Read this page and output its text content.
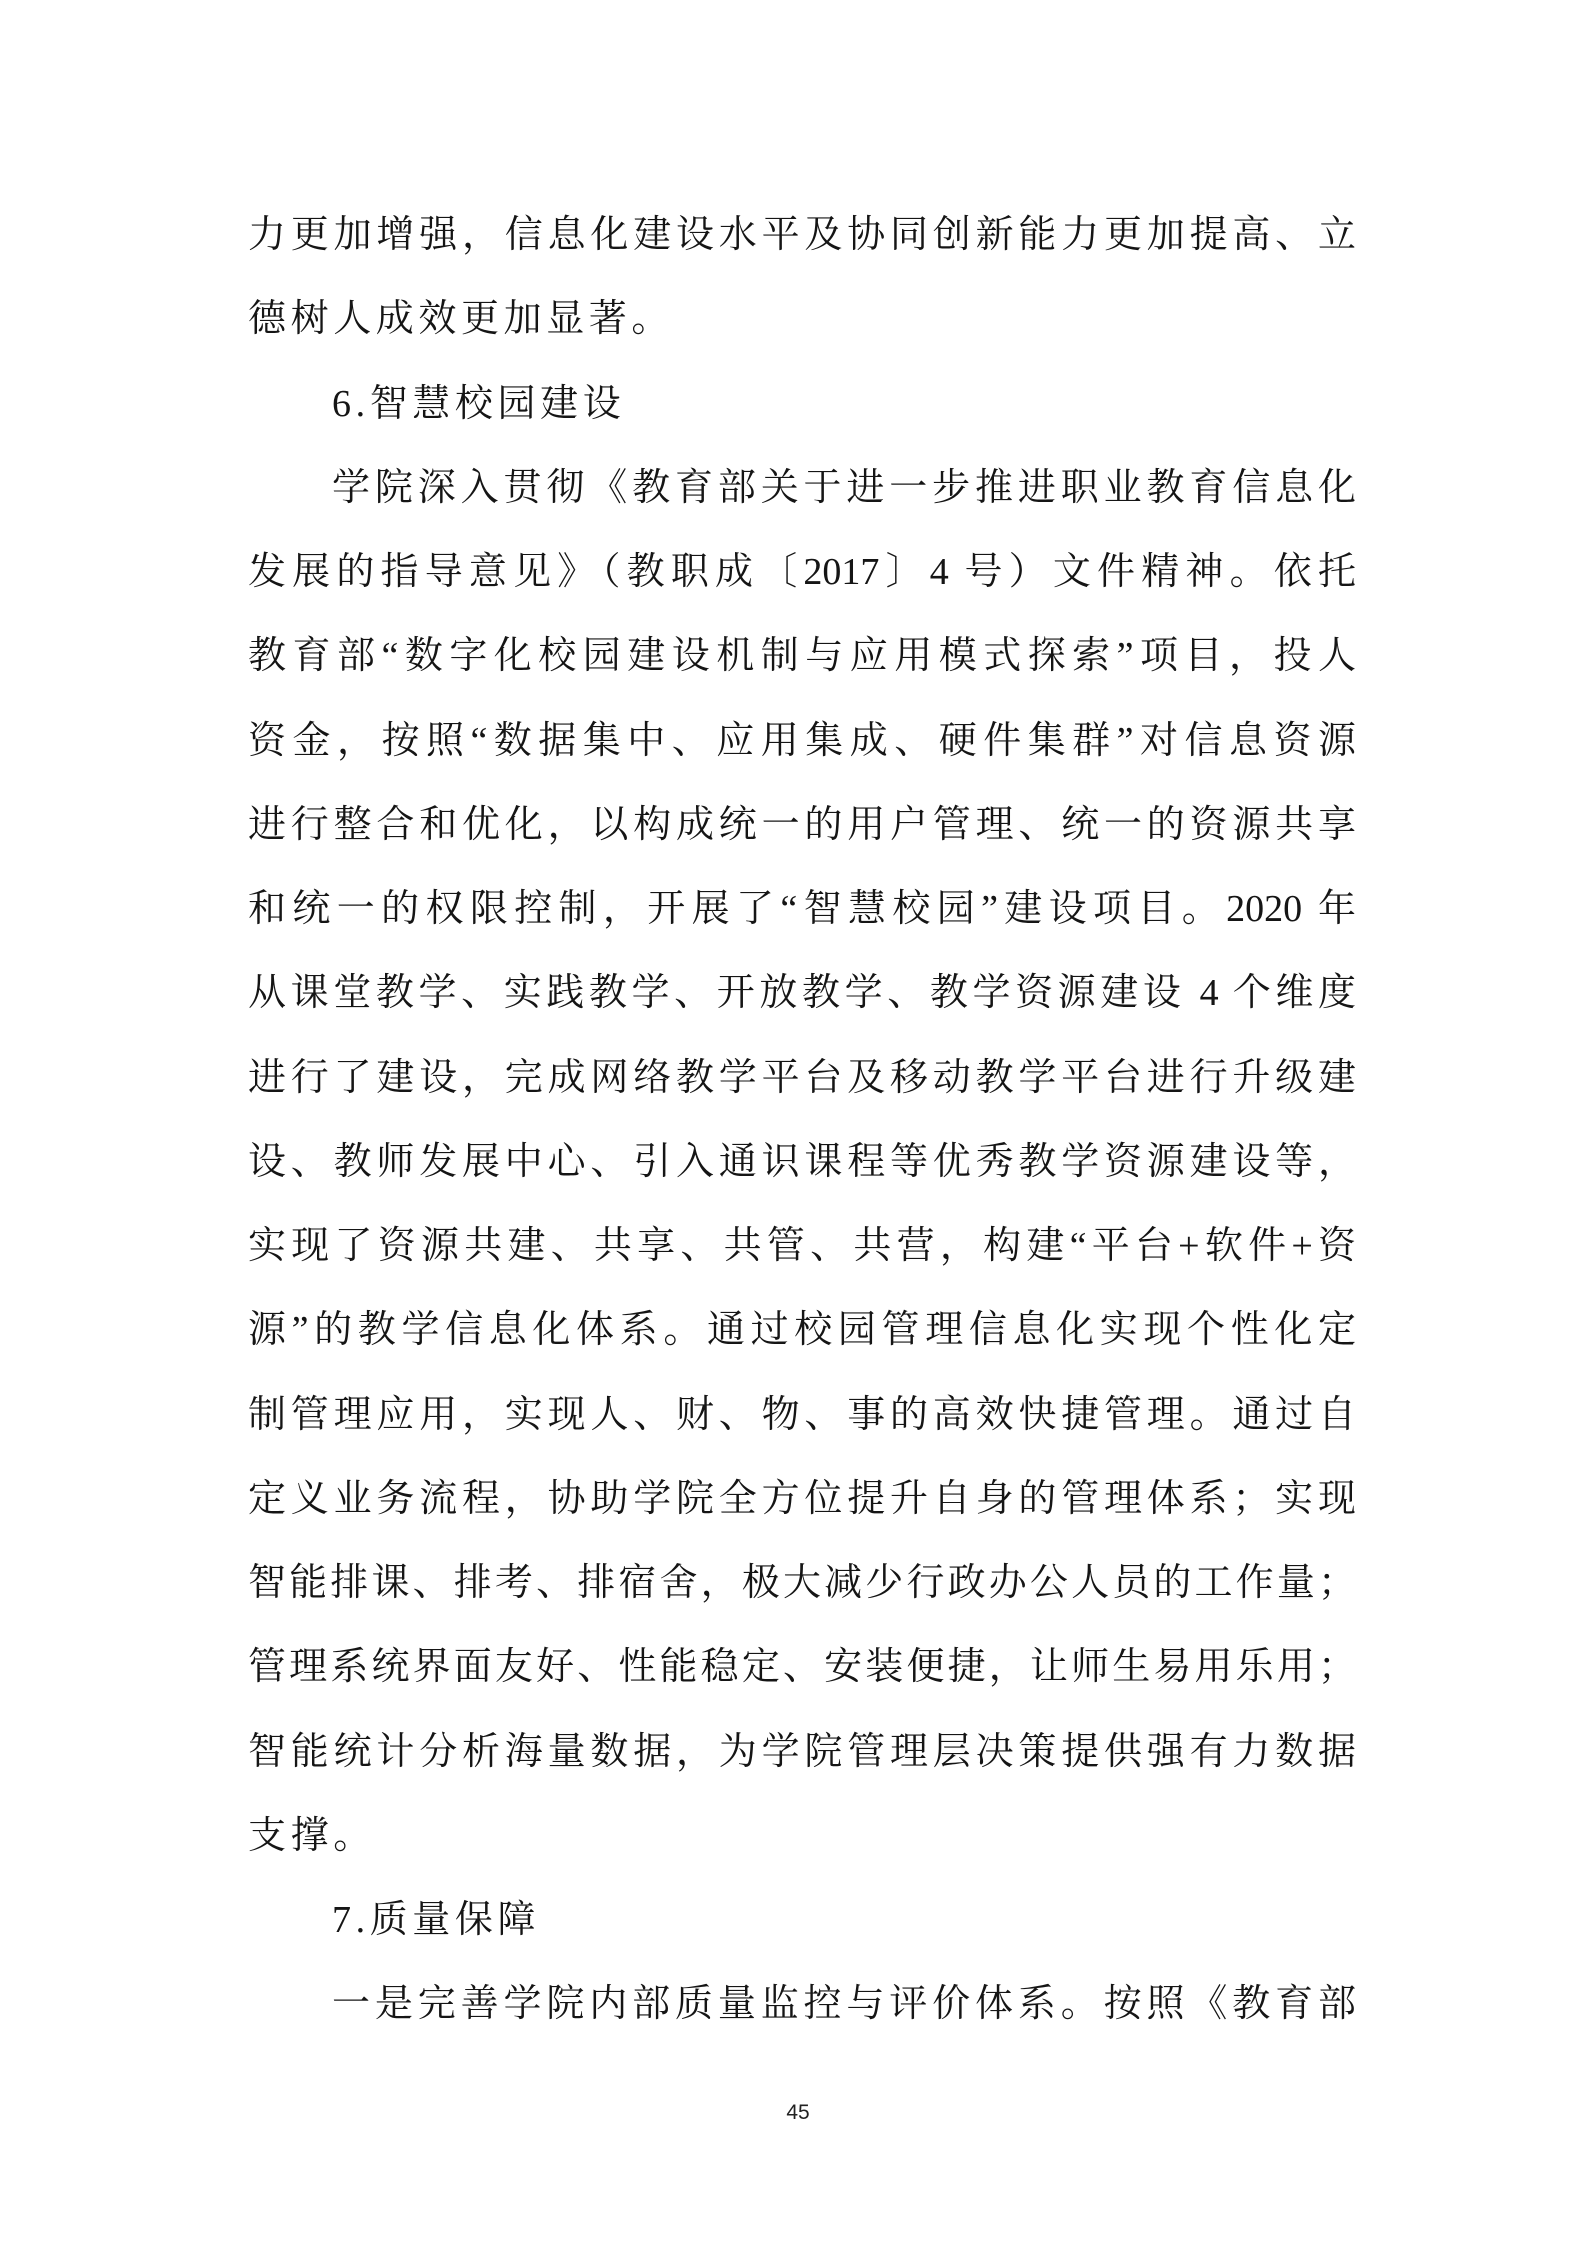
力更加增强，信息化建设水平及协同创新能力更加提高、立
德树人成效更加显著。
6.智慧校园建设
学院深入贯彻《教育部关于进一步推进职业教育信息化
发展的指导意见》（教职成〔2017〕4 号）文件精神。依托
教育部“数字化校园建设机制与应用模式探索”项目，投人
资金，按照“数据集中、应用集成、硬件集群”对信息资源
进行整合和优化，以构成统一的用户管理、统一的资源共享
和统一的权限控制，开展了“智慧校园”建设项目。2020 年
从课堂教学、实践教学、开放教学、教学资源建设 4 个维度
进行了建设，完成网络教学平台及移动教学平台进行升级建
设、教师发展中心、引入通识课程等优秀教学资源建设等，
实现了资源共建、共享、共管、共营，构建“平台+软件+资
源”的教学信息化体系。通过校园管理信息化实现个性化定
制管理应用，实现人、财、物、事的高效快捷管理。通过自
定义业务流程，协助学院全方位提升自身的管理体系；实现
智能排课、排考、排宿舍，极大减少行政办公人员的工作量；
管理系统界面友好、性能稳定、安装便捷，让师生易用乐用；
智能统计分析海量数据，为学院管理层决策提供强有力数据
支撑。
7.质量保障
一是完善学院内部质量监控与评价体系。按照《教育部
45
